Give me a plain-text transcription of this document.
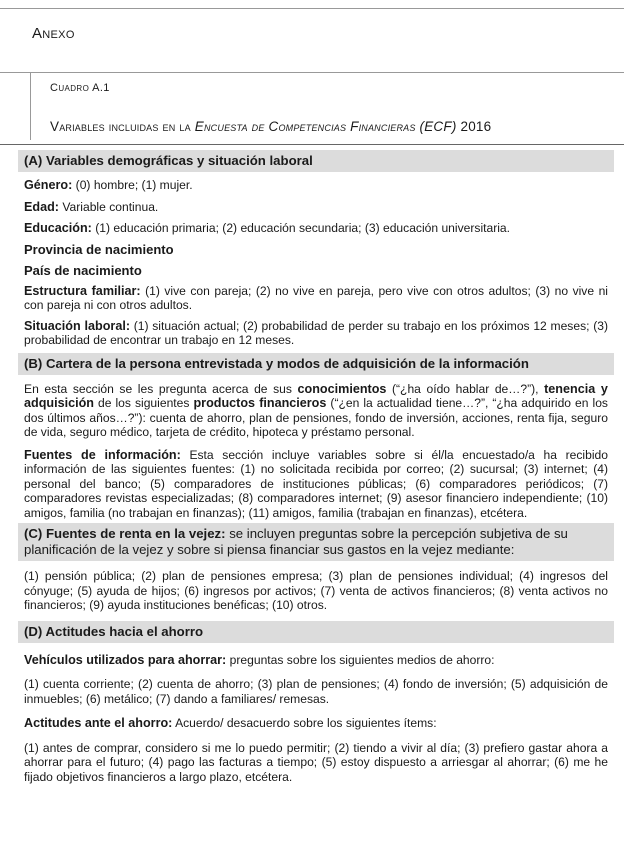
Anexo
Cuadro A.1
Variables incluidas en la Encuesta de Competencias Financieras (ECF) 2016
(A) Variables demográficas y situación laboral
Género: (0) hombre; (1) mujer.
Edad: Variable continua.
Educación: (1) educación primaria; (2) educación secundaria; (3) educación universitaria.
Provincia de nacimiento
País de nacimiento
Estructura familiar: (1) vive con pareja; (2) no vive en pareja, pero vive con otros adultos; (3) no vive ni con pareja ni con otros adultos.
Situación laboral: (1) situación actual; (2) probabilidad de perder su trabajo en los próximos 12 meses; (3) probabilidad de encontrar un trabajo en 12 meses.
(B) Cartera de la persona entrevistada y modos de adquisición de la información
En esta sección se les pregunta acerca de sus conocimientos (“¿ha oído hablar de…?”), tenencia y adquisición de los siguientes productos financieros (“¿en la actualidad tiene…?”, “¿ha adquirido en los dos últimos años…?”): cuenta de ahorro, plan de pensiones, fondo de inversión, acciones, renta fija, seguro de vida, seguro médico, tarjeta de crédito, hipoteca y préstamo personal.
Fuentes de información: Esta sección incluye variables sobre si él/la encuestado/a ha recibido información de las siguientes fuentes: (1) no solicitada recibida por correo; (2) sucursal; (3) internet; (4) personal del banco; (5) comparadores de instituciones públicas; (6) comparadores periódicos; (7) comparadores revistas especializadas; (8) comparadores internet; (9) asesor financiero independiente; (10) amigos, familia (no trabajan en finanzas); (11) amigos, familia (trabajan en finanzas), etcétera.
(C) Fuentes de renta en la vejez: se incluyen preguntas sobre la percepción subjetiva de su planificación de la vejez y sobre si piensa financiar sus gastos en la vejez mediante:
(1) pensión pública; (2) plan de pensiones empresa; (3) plan de pensiones individual; (4) ingresos del cónyuge; (5) ayuda de hijos; (6) ingresos por activos; (7) venta de activos financieros; (8) venta activos no financieros; (9) ayuda instituciones benéficas; (10) otros.
(D) Actitudes hacia el ahorro
Vehículos utilizados para ahorrar: preguntas sobre los siguientes medios de ahorro:
(1) cuenta corriente; (2) cuenta de ahorro; (3) plan de pensiones; (4) fondo de inversión; (5) adquisición de inmuebles; (6) metálico; (7) dando a familiares/ remesas.
Actitudes ante el ahorro: Acuerdo/ desacuerdo sobre los siguientes ítems:
(1) antes de comprar, considero si me lo puedo permitir; (2) tiendo a vivir al día; (3) prefiero gastar ahora a ahorrar para el futuro; (4) pago las facturas a tiempo; (5) estoy dispuesto a arriesgar al ahorrar; (6) me he fijado objetivos financieros a largo plazo, etcétera.
